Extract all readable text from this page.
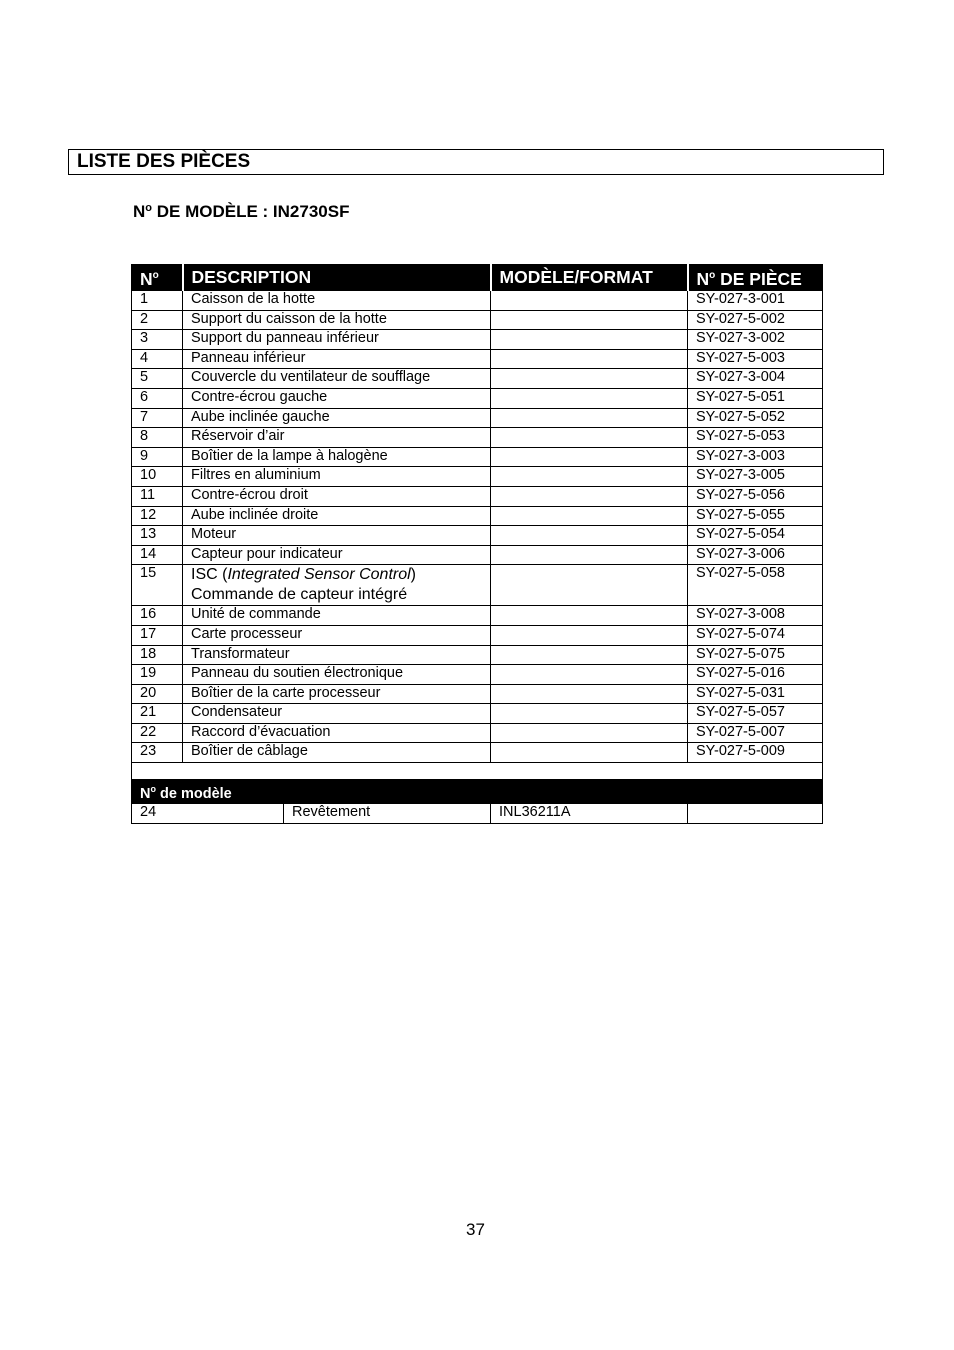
LISTE DES PIÈCES
$N^o$ DE MODÈLE : IN2730SF
$N^o$	DESCRIPTION		MODÈLE/FORMAT	$N^o$ DE PIÈCE
1	Caisson de la hotte			SY-027-3-001
2	Support du caisson de la hotte			SY-027-5-002
3	Support du panneau inférieur			SY-027-3-002
4	Panneau inférieur			SY-027-5-003
5	Couvercle du ventilateur de soufflage			SY-027-3-004
6	Contre-écrou gauche			SY-027-5-051
7	Aube inclinée gauche			SY-027-5-052
8	Réservoir d’air			SY-027-5-053
9	Boîtier de la lampe à halogène			SY-027-3-003
10	Filtres en aluminium			SY-027-3-005
11	Contre-écrou droit			SY-027-5-056
12	Aube inclinée droite			SY-027-5-055
13	Moteur			SY-027-5-054
14	Capteur pour indicateur			SY-027-3-006
15	ISC (Integrated Sensor Control)
Commande de capteur intégré			SY-027-5-058
16	Unité de commande			SY-027-3-008
17	Carte processeur			SY-027-5-074
18	Transformateur			SY-027-5-075
19	Panneau du soutien électronique			SY-027-5-016
20	Boîtier de la carte processeur			SY-027-5-031
21	Condensateur			SY-027-5-057
22	Raccord d’évacuation			SY-027-5-007
23	Boîtier de câblage			SY-027-5-009

$N^o$ de modèle				
24		Revêtement	INL36211A	
37
